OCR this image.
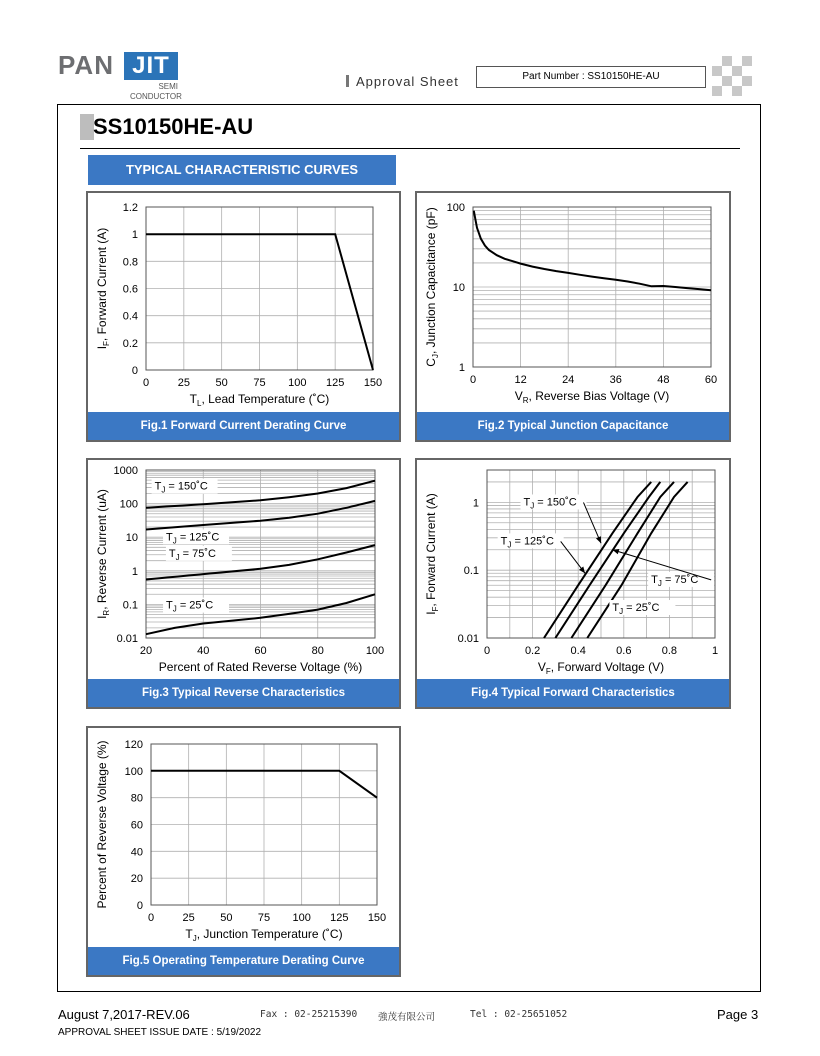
PAN JIT
SEMI
CONDUCTOR
Approval Sheet	Part Number : SS10150HE-AU
SS10150HE-AU
TYPICAL CHARACTERISTIC CURVES
0	25 50 75 100 125 150
0
0.2
0.4
0.6
0.8
1
1.2
$T_L$, Lead Temperature (˚C)
$I_F$, Forward Current (A)
Fig.1 Forward Current Derating Curve
0	12	24	36	48	60
1
10
100
$V_R$, Reverse Bias Voltage (V)
$C_J$, Junction Capacitance (pF)
Fig.2 Typical Junction Capacitance
20	40	60	80	100
0.01
0.1
1
10
100
1000
Percent of Rated Reverse Voltage (%)
$I_R$, Reverse Current (uA)
$T_J$ = 150˚C
$T_J$ = 125˚C
$T_J$ = 75˚C
$T_J$ = 25˚C
Fig.3 Typical Reverse Characteristics
0	0.2	0.4	0.6	0.8	1
0.01
0.1
1
$V_F$, Forward Voltage (V)
$I_F$, Forward Current (A)	$T_J$ = 150˚C
$T_J$ = 125˚C
$T_J$ = 75˚C
$T_J$ = 25˚C
Fig.4 Typical Forward Characteristics
0	25 50 75 100 125 150
0
20
40
60
80
100
120
$T_J$, Junction Temperature (˚C)
Percent of Reverse Voltage (%)
Fig.5 Operating Temperature Derating Curve
August 7,2017-REV.06	Fax : 02-25215390 強茂有限公司	Tel : 02-25651052	Page 3
APPROVAL SHEET ISSUE DATE : 5/19/2022
